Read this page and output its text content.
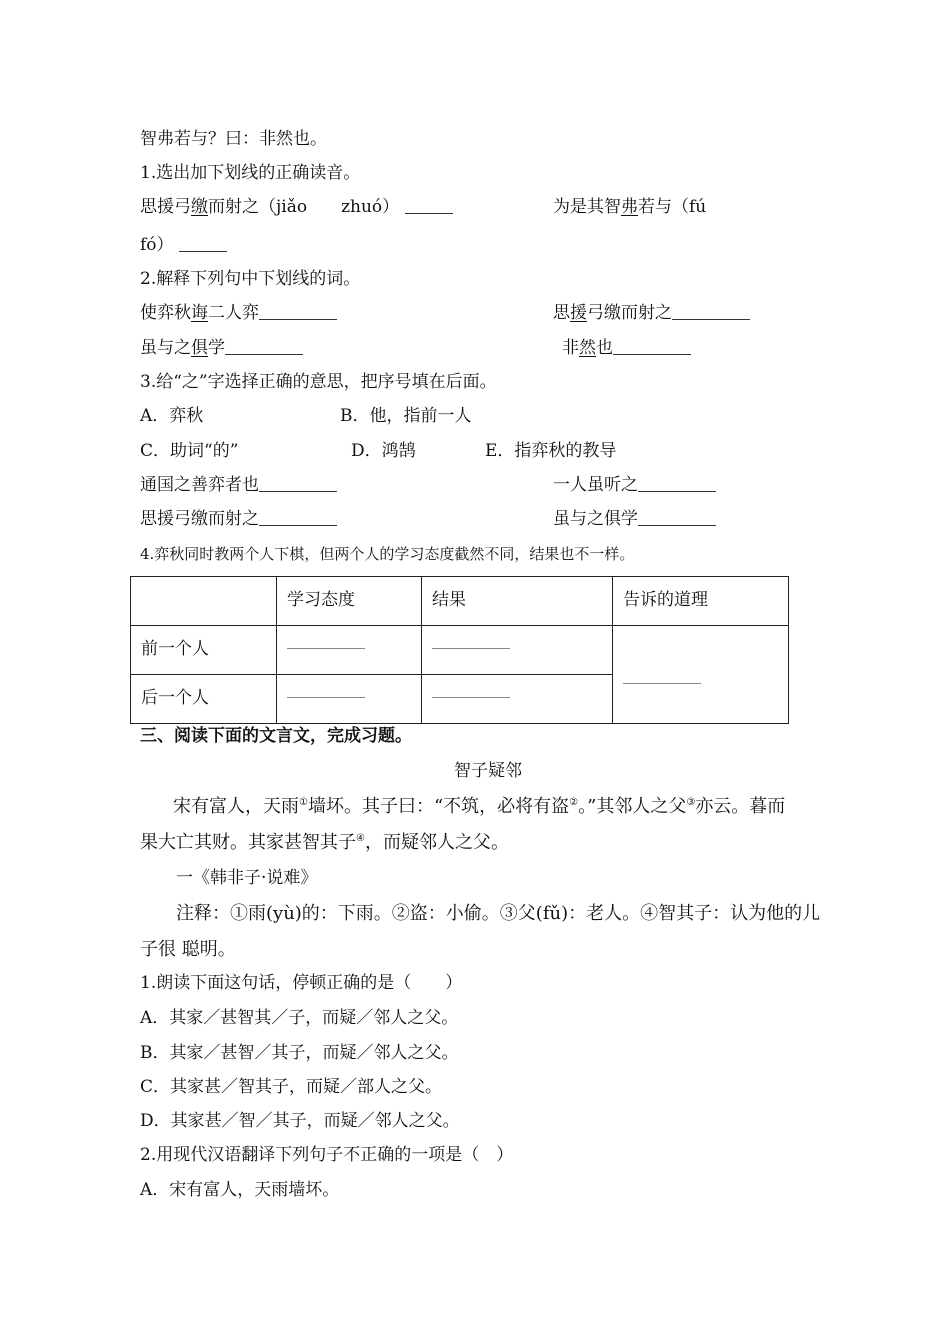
智弗若与？曰：非然也。
1.选出加下划线的正确读音。
思援弓缴而射之（jiǎo　　zhuó）	为是其智弗若与（fú
fó）
2.解释下列句中下划线的词。
使弈秋诲二人弈	思援弓缴而射之
虽与之俱学	非然也
3.给“之”字选择正确的意思，把序号填在后面。
A．弈秋	B．他，指前一人
C．助词“的”	D．鸿鹄	E．指弈秋的教导
通国之善弈者也	一人虽听之
思援弓缴而射之	虽与之俱学
4.弈秋同时教两个人下棋，但两个人的学习态度截然不同，结果也不一样。
	学习态度	结果	告诉的道理
前一个人			
后一个人			
三、阅读下面的文言文，完成习题。
智子疑邻
宋有富人，天雨①墙坏。其子曰：“不筑，必将有盗②。”其邻人之父③亦云。暮而
果大亡其财。其家甚智其子④，而疑邻人之父。
一《韩非子·说难》
注释：①雨(yù)的：下雨。②盗：小偷。③父(fǔ)：老人。④智其子：认为他的儿
子很 聪明。
1.朗读下面这句话，停顿正确的是（　　）
A．其家／甚智其／子，而疑／邻人之父。
B．其家／甚智／其子，而疑／邻人之父。
C．其家甚／智其子，而疑／部人之父。
D．其家甚／智／其子，而疑／邻人之父。
2.用现代汉语翻译下列句子不正确的一项是（　）
A．宋有富人，天雨墙坏。
